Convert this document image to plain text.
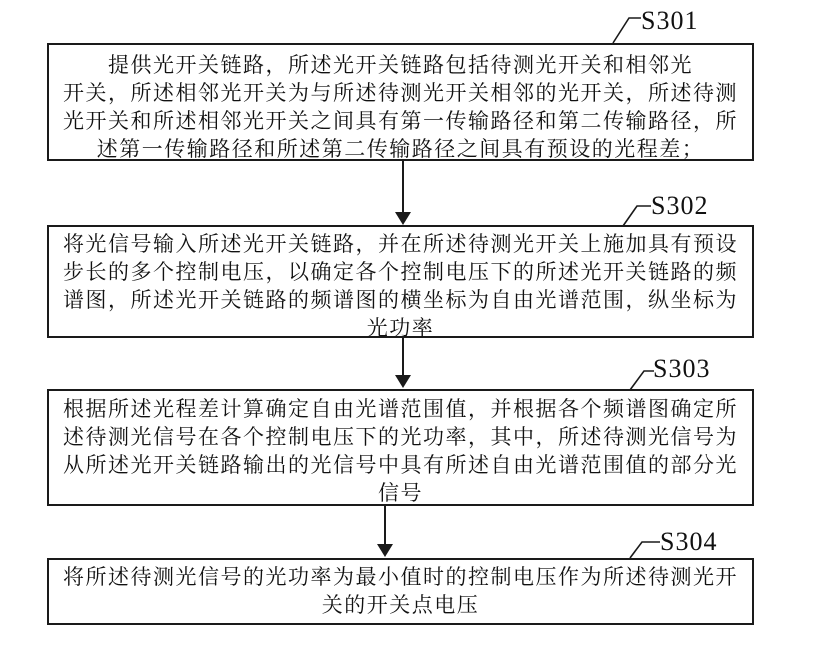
S301
S302
S303
S304
提供光开关链路，所述光开关链路包括待测光开关和相邻光
开关，所述相邻光开关为与所述待测光开关相邻的光开关，所述待测
光开关和所述相邻光开关之间具有第一传输路径和第二传输路径，所
述第一传输路径和所述第二传输路径之间具有预设的光程差；
将光信号输入所述光开关链路，并在所述待测光开关上施加具有预设
步长的多个控制电压，以确定各个控制电压下的所述光开关链路的频
谱图，所述光开关链路的频谱图的横坐标为自由光谱范围，纵坐标为
光功率
根据所述光程差计算确定自由光谱范围值，并根据各个频谱图确定所
述待测光信号在各个控制电压下的光功率，其中，所述待测光信号为
从所述光开关链路输出的光信号中具有所述自由光谱范围值的部分光
信号
将所述待测光信号的光功率为最小值时的控制电压作为所述待测光开
关的开关点电压
